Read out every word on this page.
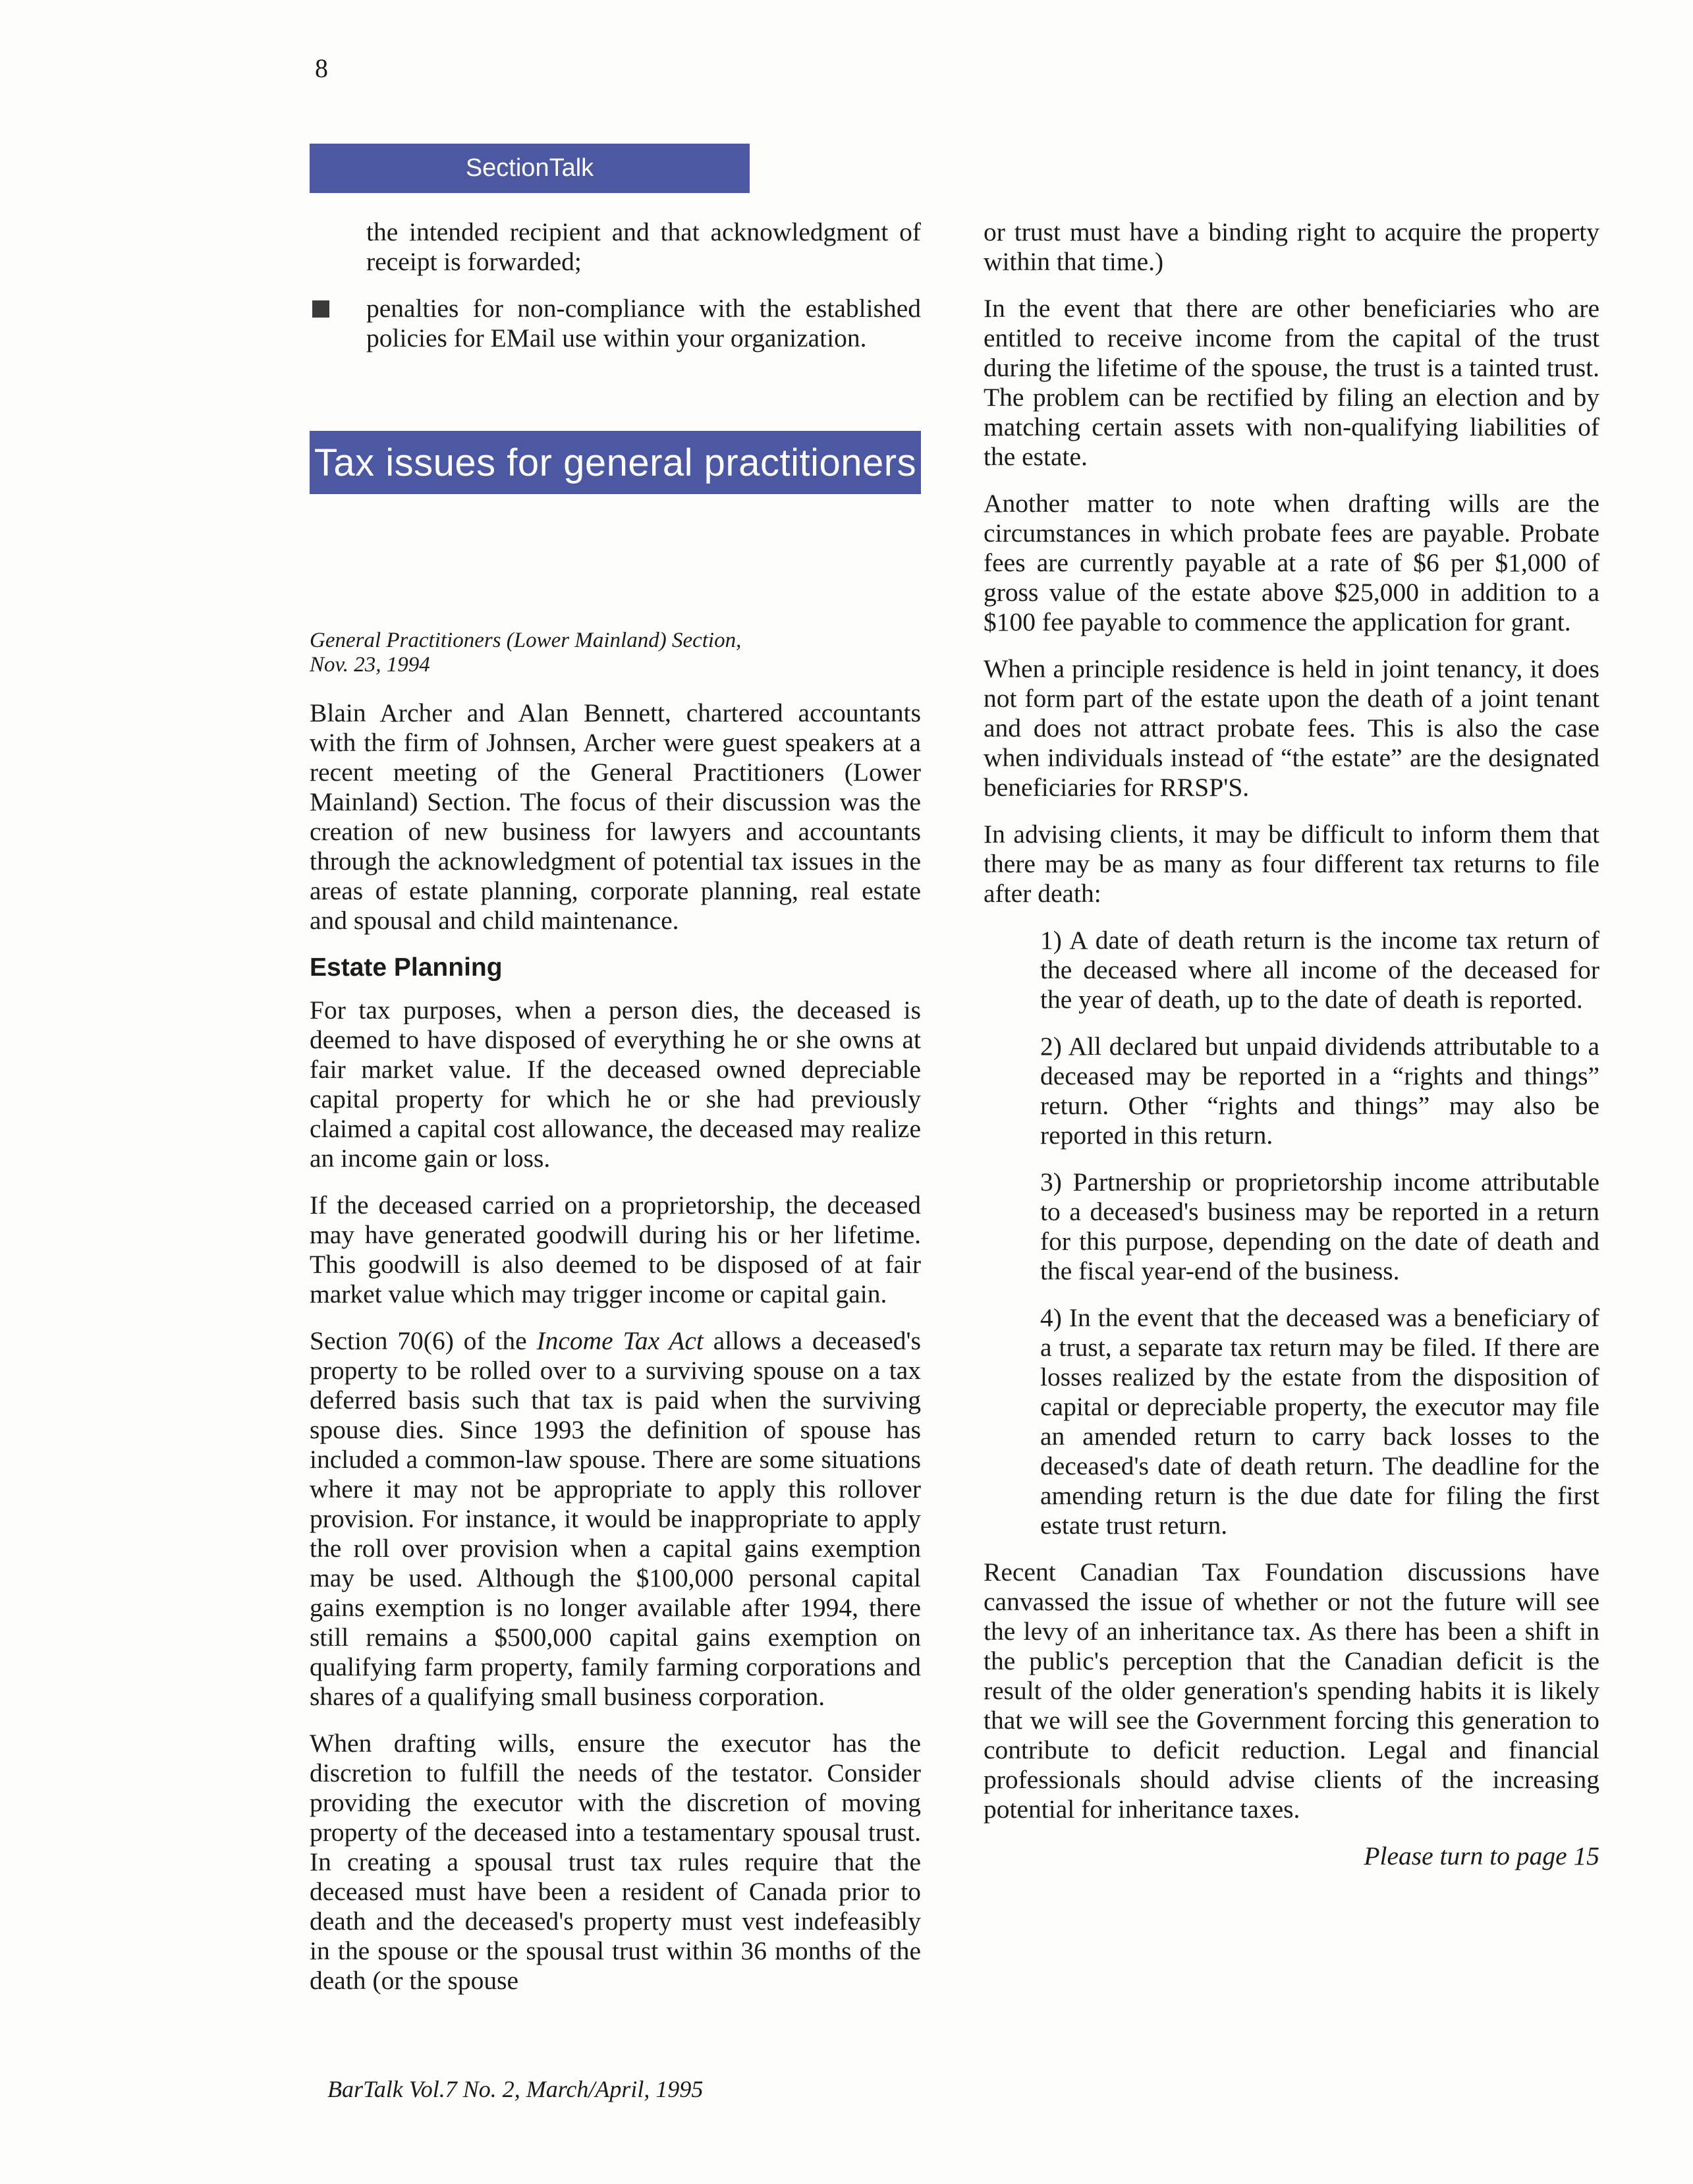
8
SectionTalk

the intended recipient and that acknowledgment of receipt is forwarded;

penalties for non-compliance with the established policies for EMail use within your organization.

General Practitioners (Lower Mainland) Section,
Nov. 23, 1994

Blain Archer and Alan Bennett, chartered accountants with the firm of Johnsen, Archer were guest speakers at a recent meeting of the General Practitioners (Lower Mainland) Section. The focus of their discussion was the creation of new business for lawyers and accountants through the acknowledgment of potential tax issues in the areas of estate planning, corporate planning, real estate and spousal and child maintenance.

Estate Planning

For tax purposes, when a person dies, the deceased is deemed to have disposed of everything he or she owns at fair market value. If the deceased owned depreciable capital property for which he or she had previously claimed a capital cost allowance, the deceased may realize an income gain or loss.

If the deceased carried on a proprietorship, the deceased may have generated goodwill during his or her lifetime. This goodwill is also deemed to be disposed of at fair market value which may trigger income or capital gain.

Section 70(6) of the Income Tax Act allows a deceased's property to be rolled over to a surviving spouse on a tax deferred basis such that tax is paid when the surviving spouse dies. Since 1993 the definition of spouse has included a common-law spouse. There are some situations where it may not be appropriate to apply this rollover provision. For instance, it would be inappropriate to apply the roll over provision when a capital gains exemption may be used. Although the $100,000 personal capital gains exemption is no longer available after 1994, there still remains a $500,000 capital gains exemption on qualifying farm property, family farming corporations and shares of a qualifying small business corporation.

When drafting wills, ensure the executor has the discretion to fulfill the needs of the testator. Consider providing the executor with the discretion of moving property of the deceased into a testamentary spousal trust. In creating a spousal trust tax rules require that the deceased must have been a resident of Canada prior to death and the deceased's property must vest indefeasibly in the spouse or the spousal trust within 36 months of the death (or the spouse

Tax issues for general practitioners

or trust must have a binding right to acquire the property within that time.)

In the event that there are other beneficiaries who are entitled to receive income from the capital of the trust during the lifetime of the spouse, the trust is a tainted trust. The problem can be rectified by filing an election and by matching certain assets with non-qualifying liabilities of the estate.

Another matter to note when drafting wills are the circumstances in which probate fees are payable. Probate fees are currently payable at a rate of $6 per $1,000 of gross value of the estate above $25,000 in addition to a $100 fee payable to commence the application for grant.

When a principle residence is held in joint tenancy, it does not form part of the estate upon the death of a joint tenant and does not attract probate fees. This is also the case when individuals instead of “the estate” are the designated beneficiaries for RRSP'S.

In advising clients, it may be difficult to inform them that there may be as many as four different tax returns to file after death:

1) A date of death return is the income tax return of the deceased where all income of the deceased for the year of death, up to the date of death is reported.

2) All declared but unpaid dividends attributable to a deceased may be reported in a “rights and things” return. Other “rights and things” may also be reported in this return.

3) Partnership or proprietorship income attributable to a deceased's business may be reported in a return for this purpose, depending on the date of death and the fiscal year-end of the business.

4) In the event that the deceased was a beneficiary of a trust, a separate tax return may be filed. If there are losses realized by the estate from the disposition of capital or depreciable property, the executor may file an amended return to carry back losses to the deceased's date of death return. The deadline for the amending return is the due date for filing the first estate trust return.

Recent Canadian Tax Foundation discussions have canvassed the issue of whether or not the future will see the levy of an inheritance tax. As there has been a shift in the public's perception that the Canadian deficit is the result of the older generation's spending habits it is likely that we will see the Government forcing this generation to contribute to deficit reduction. Legal and financial professionals should advise clients of the increasing potential for inheritance taxes.

Please turn to page 15

BarTalk Vol.7 No. 2, March/April, 1995
